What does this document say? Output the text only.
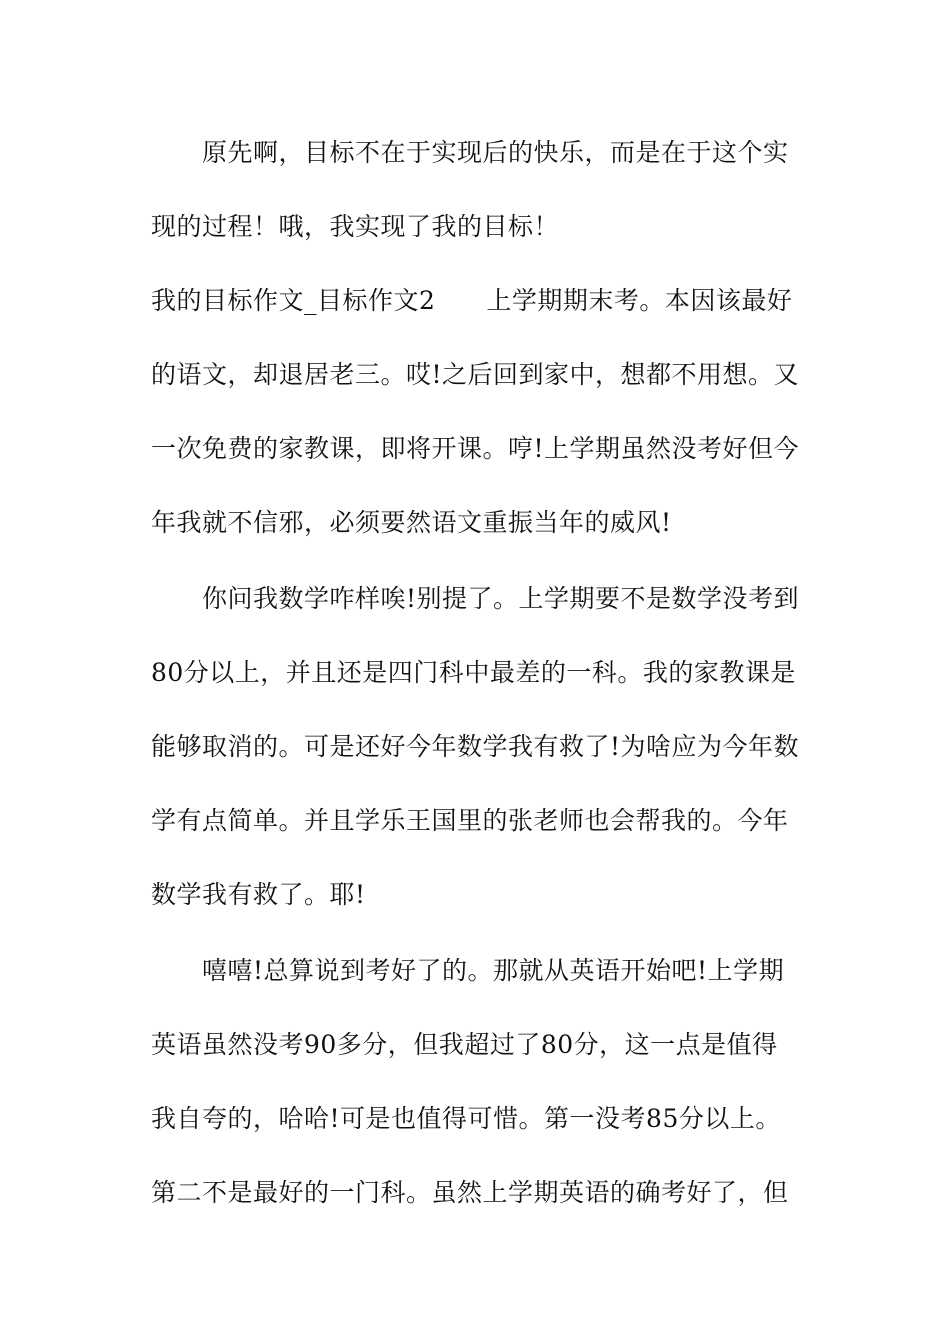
　　原先啊，目标不在于实现后的快乐，而是在于这个实
现的过程！哦，我实现了我的目标！
我的目标作文_目标作文2　　上学期期末考。本因该最好
的语文，却退居老三。哎!之后回到家中，想都不用想。又
一次免费的家教课，即将开课。哼!上学期虽然没考好但今
年我就不信邪，必须要然语文重振当年的威风!
　　你问我数学咋样唉!别提了。上学期要不是数学没考到
80分以上，并且还是四门科中最差的一科。我的家教课是
能够取消的。可是还好今年数学我有救了!为啥应为今年数
学有点简单。并且学乐王国里的张老师也会帮我的。今年
数学我有救了。耶!
　　嘻嘻!总算说到考好了的。那就从英语开始吧!上学期
英语虽然没考90多分，但我超过了80分，这一点是值得
我自夸的，哈哈!可是也值得可惜。第一没考85分以上。
第二不是最好的一门科。虽然上学期英语的确考好了，但
